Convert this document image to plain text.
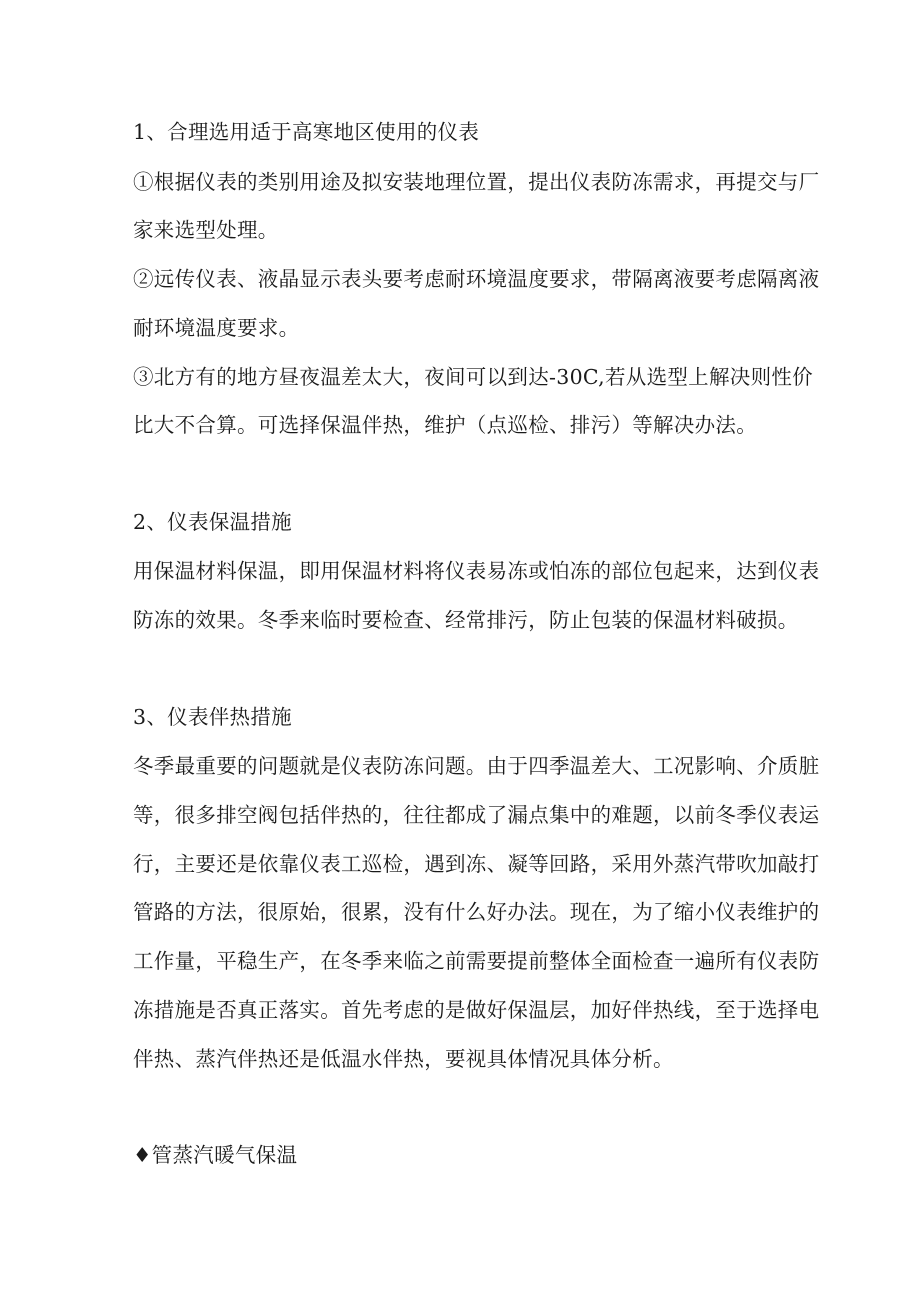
1、合理选用适于高寒地区使用的仪表
①根据仪表的类别用途及拟安装地理位置，提出仪表防冻需求，再提交与厂
家来选型处理。
②远传仪表、液晶显示表头要考虑耐环境温度要求，带隔离液要考虑隔离液
耐环境温度要求。
③北方有的地方昼夜温差太大，夜间可以到达-30C,若从选型上解决则性价
比大不合算。可选择保温伴热，维护（点巡检、排污）等解决办法。
2、仪表保温措施
用保温材料保温，即用保温材料将仪表易冻或怕冻的部位包起来，达到仪表
防冻的效果。冬季来临时要检查、经常排污，防止包装的保温材料破损。
3、仪表伴热措施
冬季最重要的问题就是仪表防冻问题。由于四季温差大、工况影响、介质脏
等，很多排空阀包括伴热的，往往都成了漏点集中的难题，以前冬季仪表运
行，主要还是依靠仪表工巡检，遇到冻、凝等回路，采用外蒸汽带吹加敲打
管路的方法，很原始，很累，没有什么好办法。现在，为了缩小仪表维护的
工作量，平稳生产，在冬季来临之前需要提前整体全面检查一遍所有仪表防
冻措施是否真正落实。首先考虑的是做好保温层，加好伴热线，至于选择电
伴热、蒸汽伴热还是低温水伴热，要视具体情况具体分析。
♦管蒸汽暖气保温
